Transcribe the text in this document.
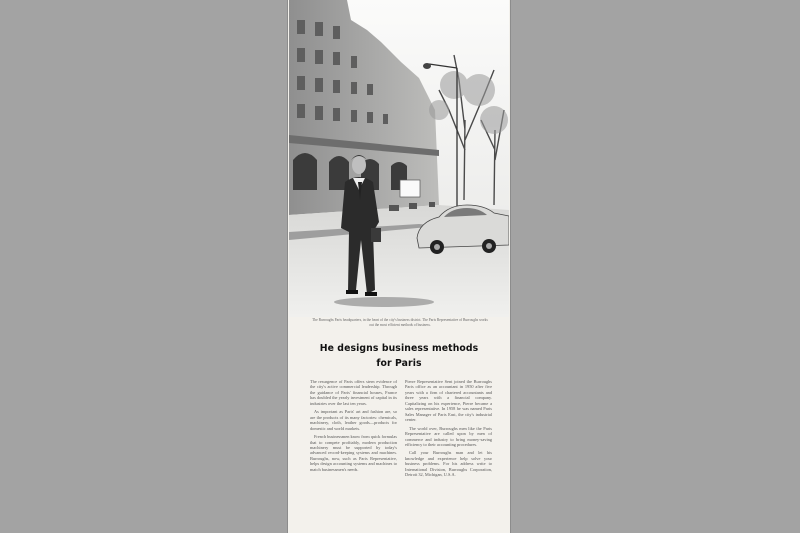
The Burroughs Paris headquarters, in the heart of the city's business district. The Paris Representative of Burroughs works out the most efficient methods of business.
He designs business methods
for Paris

The resurgence of Paris offers stern evidence of the city's active commercial leadership. Through the guidance of Paris' financial houses, France has doubled the yearly investment of capital in its industries over the last ten years.

As important as Paris' art and fashion are, so are the products of its many factories: chemicals, machinery, cloth, leather goods—products for domestic and world markets.

French businessmen know from quick formulas that to compete profitably, modern production machinery must be supported by today's advanced record-keeping systems and machines. Burroughs, now, such as Paris Representative, helps design accounting systems and machines to match businessmen's needs.

Pierre Representative Sent joined the Burroughs Paris office as an accountant in 1950 after five years with a firm of chartered accountants and three years with a financial company. Capitalizing on his experience, Pierre became a sales representative. In 1958 he was named Paris Sales Manager of Paris East, the city's industrial center.

The world over, Burroughs men like the Paris Representative are called upon by men of commerce and industry to bring money-saving efficiency to their accounting procedures.

Call your Burroughs man and let his knowledge and experience help solve your business problems. For his address write to International Division, Burroughs Corporation, Detroit 32, Michigan, U.S.A.
